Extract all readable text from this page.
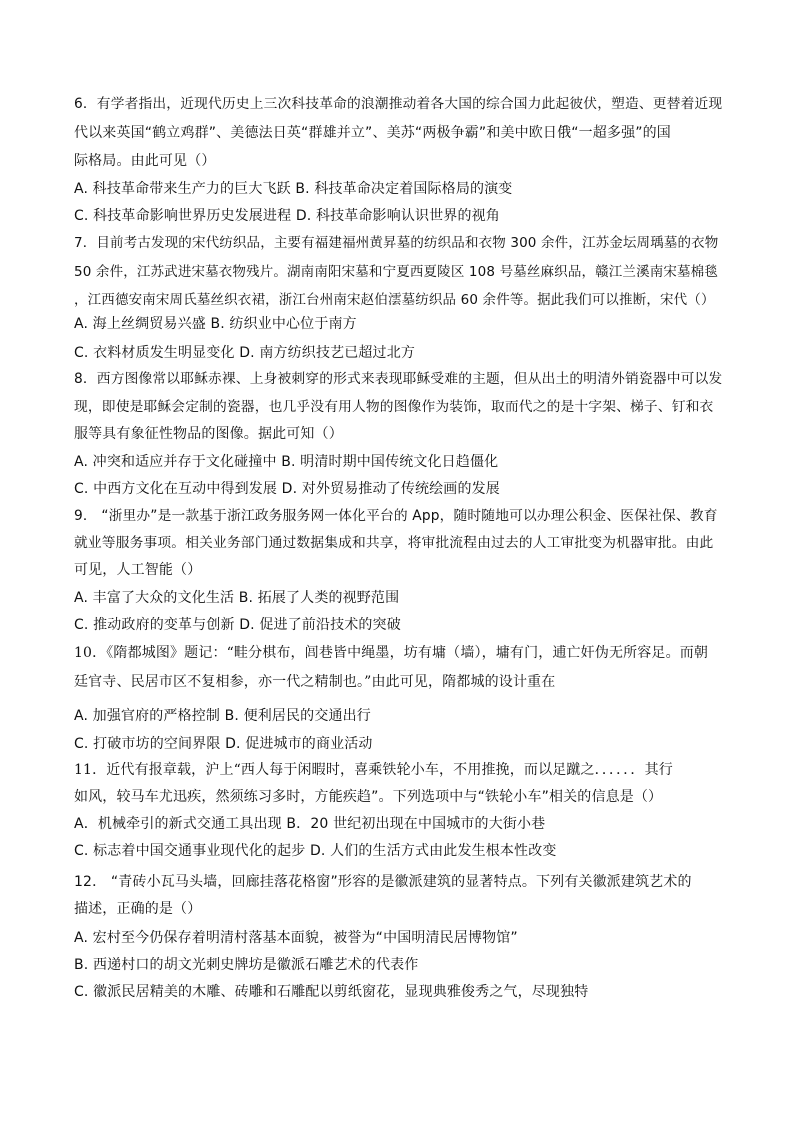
6．有学者指出，近现代历史上三次科技革命的浪潮推动着各大国的综合国力此起彼伏，塑造、更替着近现
代以来英国“鹤立鸡群”、美德法日英“群雄并立”、美苏“两极争霸”和美中欧日俄“一超多强”的国
际格局。由此可见（）
A. 科技革命带来生产力的巨大飞跃 B. 科技革命决定着国际格局的演变
C. 科技革命影响世界历史发展进程 D. 科技革命影响认识世界的视角
7．目前考古发现的宋代纺织品，主要有福建福州黄昇墓的纺织品和衣物 300 余件，江苏金坛周瑀墓的衣物
50 余件，江苏武进宋墓衣物残片。湖南南阳宋墓和宁夏西夏陵区 108 号墓丝麻织品，赣江兰溪南宋墓棉毯
，江西德安南宋周氏墓丝织衣裙，浙江台州南宋赵伯澐墓纺织品 60 余件等。据此我们可以推断，宋代（）
A. 海上丝绸贸易兴盛 B. 纺织业中心位于南方
C. 衣料材质发生明显变化 D. 南方纺织技艺已超过北方
8．西方图像常以耶稣赤裸、上身被刺穿的形式来表现耶稣受难的主题，但从出土的明清外销瓷器中可以发
现，即使是耶稣会定制的瓷器，也几乎没有用人物的图像作为装饰，取而代之的是十字架、梯子、钉和衣
服等具有象征性物品的图像。据此可知（）
A. 冲突和适应并存于文化碰撞中 B. 明清时期中国传统文化日趋僵化
C. 中西方文化在互动中得到发展 D. 对外贸易推动了传统绘画的发展
9． “浙里办”是一款基于浙江政务服务网一体化平台的 App，随时随地可以办理公积金、医保社保、教育
就业等服务事项。相关业务部门通过数据集成和共享，将审批流程由过去的人工审批变为机器审批。由此
可见，人工智能（）
A. 丰富了大众的文化生活 B. 拓展了人类的视野范围
C. 推动政府的变革与创新 D. 促进了前沿技术的突破
10．《隋都城图》题记：“畦分棋布，闾巷皆中绳墨，坊有墉（墙），墉有门，逋亡奸伪无所容足。而朝
廷官寺、民居市区不复相参，亦一代之精制也。”由此可见，隋都城的设计重在
A. 加强官府的严格控制 B. 便利居民的交通出行
C. 打破市坊的空间界限 D. 促进城市的商业活动
11．近代有报章载，沪上“西人每于闲暇时，喜乘铁轮小车，不用推挽，而以足蹴之．．．．．．其行
如风，较马车尤迅疾，然须练习多时，方能疾趋”。下列选项中与“铁轮小车”相关的信息是（）
A．机械牵引的新式交通工具出现 B．20 世纪初出现在中国城市的大街小巷
C. 标志着中国交通事业现代化的起步 D. 人们的生活方式由此发生根本性改变
12． “青砖小瓦马头墙，回廊挂落花格窗”形容的是徽派建筑的显著特点。下列有关徽派建筑艺术的
描述，正确的是（）
A. 宏村至今仍保存着明清村落基本面貌，被誉为“中国明清民居博物馆”
B. 西递村口的胡文光刺史牌坊是徽派石雕艺术的代表作
C. 徽派民居精美的木雕、砖雕和石雕配以剪纸窗花，显现典雅俊秀之气，尽现独特
